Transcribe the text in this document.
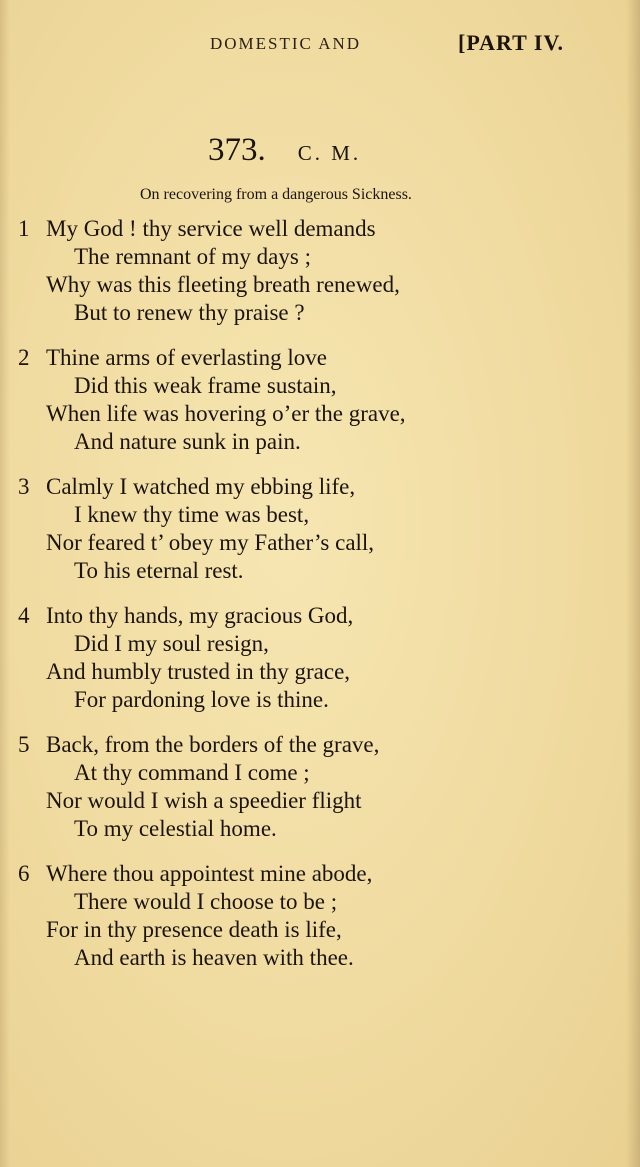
DOMESTIC AND	[PART IV.
373. C. M.
On recovering from a dangerous Sickness.
1 My God ! thy service well demands
The remnant of my days ;
Why was this fleeting breath renewed,
But to renew thy praise ?
2 Thine arms of everlasting love
Did this weak frame sustain,
When life was hovering o’er the grave,
And nature sunk in pain.
3 Calmly I watched my ebbing life,
I knew thy time was best,
Nor feared t’ obey my Father’s call,
To his eternal rest.
4 Into thy hands, my gracious God,
Did I my soul resign,
And humbly trusted in thy grace,
For pardoning love is thine.
5 Back, from the borders of the grave,
At thy command I come ;
Nor would I wish a speedier flight
To my celestial home.
6 Where thou appointest mine abode,
There would I choose to be ;
For in thy presence death is life,
And earth is heaven with thee.
